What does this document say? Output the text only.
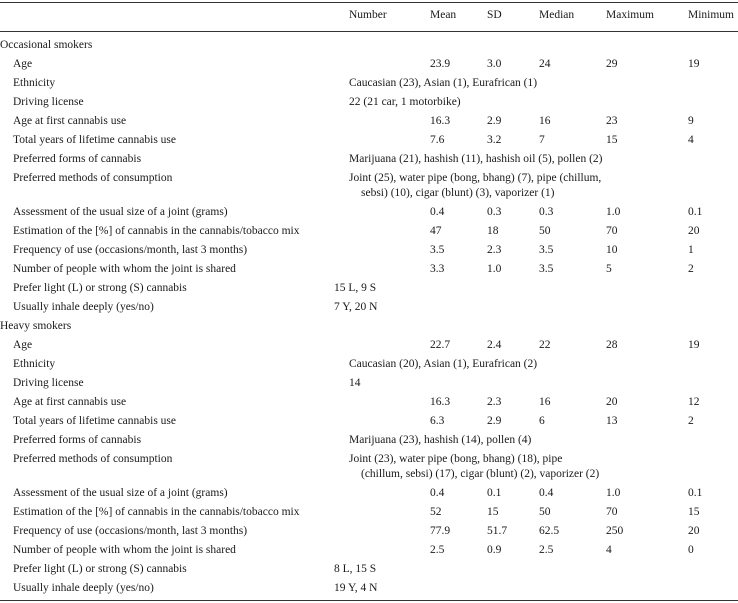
Number	Mean	SD	Median	Maximum	Minimum
Occasional smokers
Age	23.9	3.0	24	29	19
Ethnicity	Caucasian (23), Asian (1), Eurafrican (1)
Driving license	22 (21 car, 1 motorbike)
Age at first cannabis use	16.3	2.9	16	23	9
Total years of lifetime cannabis use	7.6	3.2	7	15	4
Preferred forms of cannabis	Marijuana (21), hashish (11), hashish oil (5), pollen (2)
Preferred methods of consumption	Joint (25), water pipe (bong, bhang) (7), pipe (chillum,
sebsi) (10), cigar (blunt) (3), vaporizer (1)
Assessment of the usual size of a joint (grams)	0.4	0.3	0.3	1.0	0.1
Estimation of the [%] of cannabis in the cannabis/tobacco mix	47	18	50	70	20
Frequency of use (occasions/month, last 3 months)	3.5	2.3	3.5	10	1
Number of people with whom the joint is shared	3.3	1.0	3.5	5	2
Prefer light (L) or strong (S) cannabis	15 L, 9 S
Usually inhale deeply (yes/no)	7 Y, 20 N
Heavy smokers
Age	22.7	2.4	22	28	19
Ethnicity	Caucasian (20), Asian (1), Eurafrican (2)
Driving license	14
Age at first cannabis use	16.3	2.3	16	20	12
Total years of lifetime cannabis use	6.3	2.9	6	13	2
Preferred forms of cannabis	Marijuana (23), hashish (14), pollen (4)
Preferred methods of consumption	Joint (23), water pipe (bong, bhang) (18), pipe
(chillum, sebsi) (17), cigar (blunt) (2), vaporizer (2)
Assessment of the usual size of a joint (grams)	0.4	0.1	0.4	1.0	0.1
Estimation of the [%] of cannabis in the cannabis/tobacco mix	52	15	50	70	15
Frequency of use (occasions/month, last 3 months)	77.9	51.7	62.5	250	20
Number of people with whom the joint is shared	2.5	0.9	2.5	4	0
Prefer light (L) or strong (S) cannabis	8 L, 15 S
Usually inhale deeply (yes/no)	19 Y, 4 N
